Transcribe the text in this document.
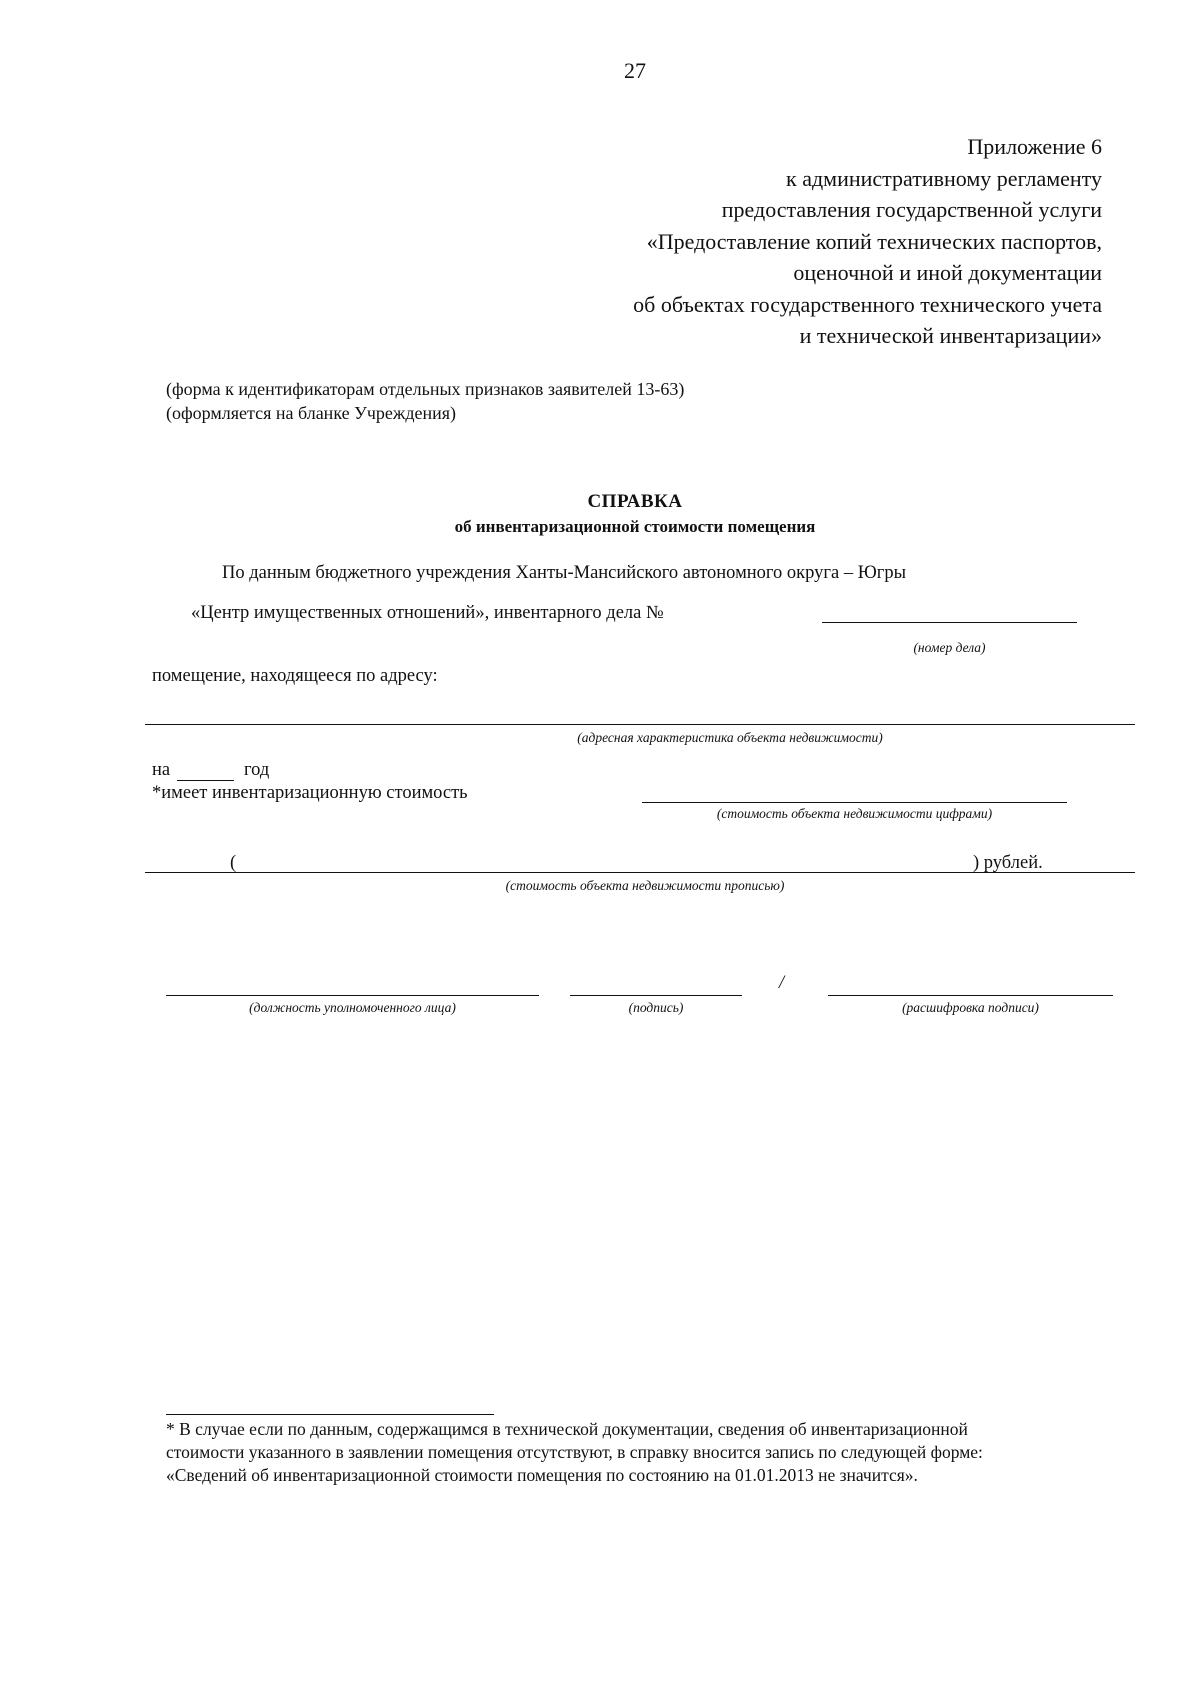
27
Приложение 6
к административному регламенту
предоставления государственной услуги
«Предоставление копий технических паспортов,
оценочной и иной документации
об объектах государственного технического учета
и технической инвентаризации»
(форма к идентификаторам отдельных признаков заявителей 13-63)
(оформляется на бланке Учреждения)
СПРАВКА
об инвентаризационной стоимости помещения
По данным бюджетного учреждения Ханты-Мансийского автономного округа – Югры
«Центр имущественных отношений», инвентарного дела №
(номер дела)
помещение, находящееся по адресу:
(адресная характеристика объекта недвижимости)
на	год
*имеет инвентаризационную стоимость
(стоимость объекта недвижимости цифрами)
(	) рублей.
(стоимость объекта недвижимости прописью)
(должность уполномоченного лица)	(подпись)
/
(расшифровка подписи)

* В случае если по данным, содержащимся в технической документации, сведения об инвентаризационной

стоимости указанного в заявлении помещения отсутствуют, в справку вносится запись по следующей форме:

«Сведений об инвентаризационной стоимости помещения по состоянию на 01.01.2013 не значится».
